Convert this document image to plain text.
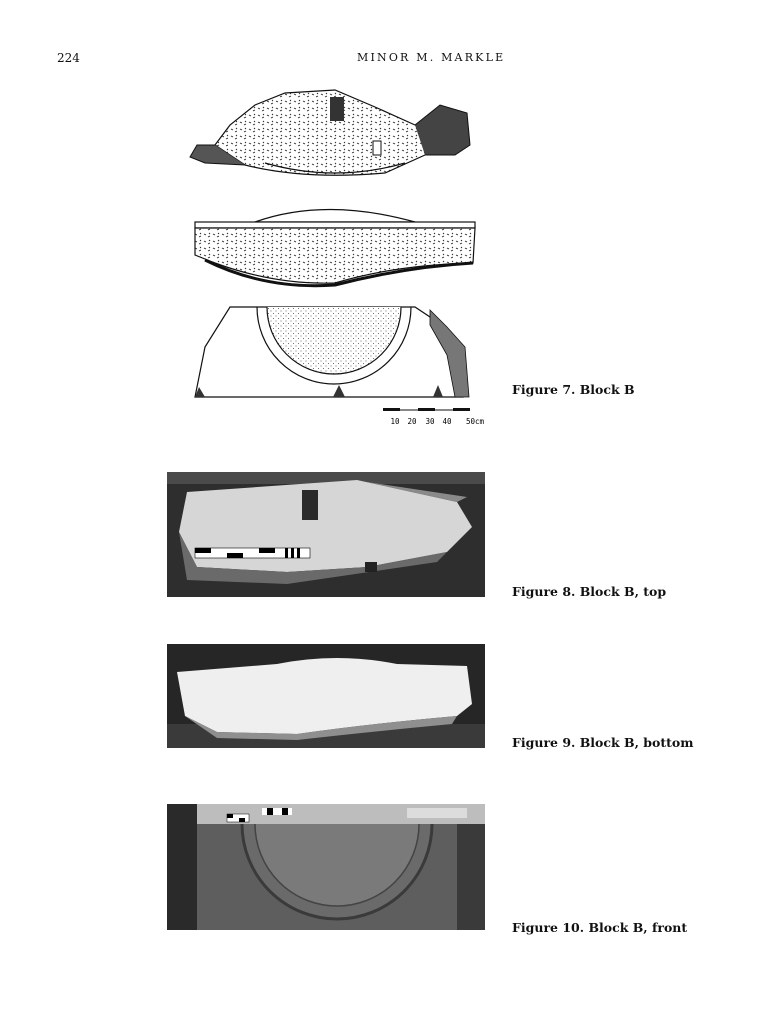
224	MINOR M. MARKLE
10 20 30 40 50cm
Figure 7. Block B
Figure 8. Block B, top
Figure 9. Block B, bottom
Figure 10. Block B, front
